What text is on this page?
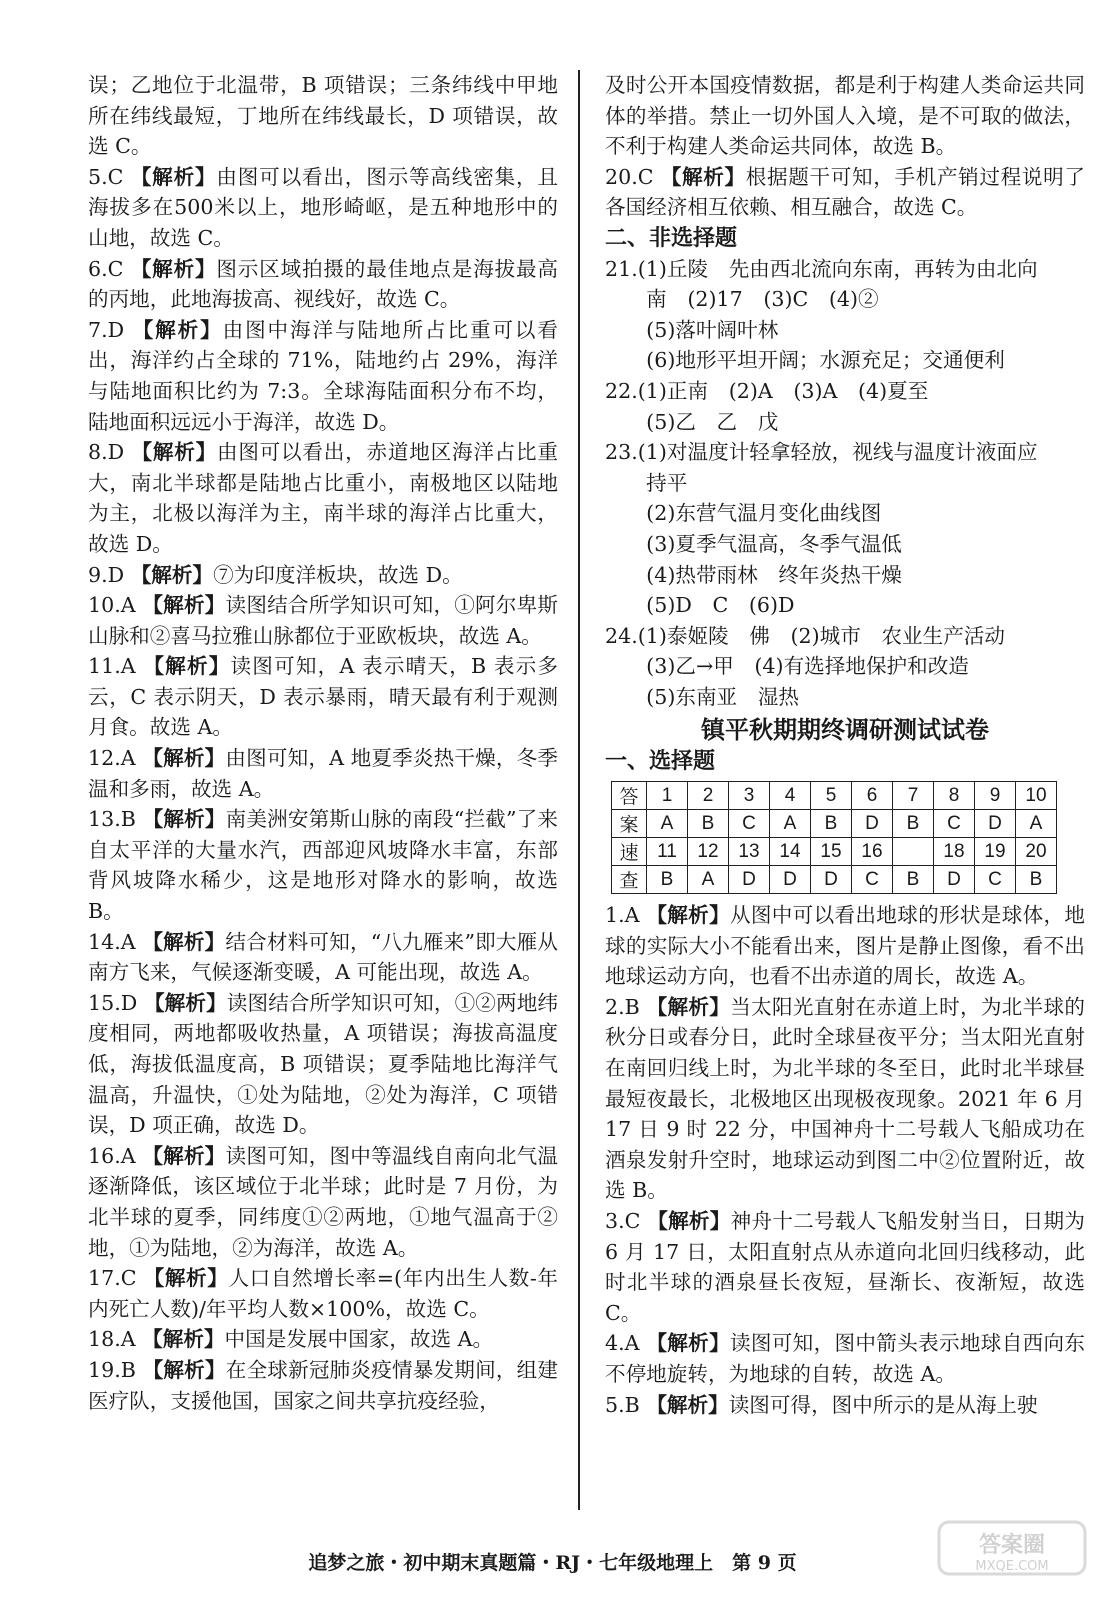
误；乙地位于北温带，B 项错误；三条纬线中甲地所在纬线最短，丁地所在纬线最长，D 项错误，故选 C。

5.C 【解析】由图可以看出，图示等高线密集，且海拔多在500米以上，地形崎岖，是五种地形中的山地，故选 C。

6.C 【解析】图示区域拍摄的最佳地点是海拔最高的丙地，此地海拔高、视线好，故选 C。

7.D 【解析】由图中海洋与陆地所占比重可以看出，海洋约占全球的 71%，陆地约占 29%，海洋与陆地面积比约为 7:3。全球海陆面积分布不均，陆地面积远远小于海洋，故选 D。

8.D 【解析】由图可以看出，赤道地区海洋占比重大，南北半球都是陆地占比重小，南极地区以陆地为主，北极以海洋为主，南半球的海洋占比重大，故选 D。

9.D 【解析】⑦为印度洋板块，故选 D。

10.A 【解析】读图结合所学知识可知，①阿尔卑斯山脉和②喜马拉雅山脉都位于亚欧板块，故选 A。

11.A 【解析】读图可知，A 表示晴天，B 表示多云，C 表示阴天，D 表示暴雨，晴天最有利于观测月食。故选 A。

12.A 【解析】由图可知，A 地夏季炎热干燥，冬季温和多雨，故选 A。

13.B 【解析】南美洲安第斯山脉的南段“拦截”了来自太平洋的大量水汽，西部迎风坡降水丰富，东部背风坡降水稀少，这是地形对降水的影响，故选 B。

14.A 【解析】结合材料可知，“八九雁来”即大雁从南方飞来，气候逐渐变暖，A 可能出现，故选 A。

15.D 【解析】读图结合所学知识可知，①②两地纬度相同，两地都吸收热量，A 项错误；海拔高温度低，海拔低温度高，B 项错误；夏季陆地比海洋气温高，升温快，①处为陆地，②处为海洋，C 项错误，D 项正确，故选 D。

16.A 【解析】读图可知，图中等温线自南向北气温逐渐降低，该区域位于北半球；此时是 7 月份，为北半球的夏季，同纬度①②两地，①地气温高于②地，①为陆地，②为海洋，故选 A。

17.C 【解析】人口自然增长率=(年内出生人数-年内死亡人数)/年平均人数×100%，故选 C。

18.A 【解析】中国是发展中国家，故选 A。

19.B 【解析】在全球新冠肺炎疫情暴发期间，组建医疗队，支援他国，国家之间共享抗疫经验，

及时公开本国疫情数据，都是利于构建人类命运共同体的举措。禁止一切外国人入境，是不可取的做法，不利于构建人类命运共同体，故选 B。

20.C 【解析】根据题干可知，手机产销过程说明了各国经济相互依赖、相互融合，故选 C。

二、非选择题

21.(1)丘陵　先由西北流向东南，再转为由北向

　　南　(2)17　(3)C　(4)②

　　(5)落叶阔叶林

　　(6)地形平坦开阔；水源充足；交通便利

22.(1)正南　(2)A　(3)A　(4)夏至

　　(5)乙　乙　戊

23.(1)对温度计轻拿轻放，视线与温度计液面应

　　持平

　　(2)东营气温月变化曲线图

　　(3)夏季气温高，冬季气温低

　　(4)热带雨林　终年炎热干燥

　　(5)D　C　(6)D

24.(1)泰姬陵　佛　(2)城市　农业生产活动

　　(3)乙→甲　(4)有选择地保护和改造

　　(5)东南亚　湿热

镇平秋期期终调研测试试卷

一、选择题

答	1	2	3	4	5	6	7	8	9	10
案	A	B	C	A	B	D	B	C	D	A
速	11	12	13	14	15	16		18	19	20
查	B	A	D	D	D	C	B	D	C	B

1.A 【解析】从图中可以看出地球的形状是球体，地球的实际大小不能看出来，图片是静止图像，看不出地球运动方向，也看不出赤道的周长，故选 A。

2.B 【解析】当太阳光直射在赤道上时，为北半球的秋分日或春分日，此时全球昼夜平分；当太阳光直射在南回归线上时，为北半球的冬至日，此时北半球昼最短夜最长，北极地区出现极夜现象。2021 年 6 月 17 日 9 时 22 分，中国神舟十二号载人飞船成功在酒泉发射升空时，地球运动到图二中②位置附近，故选 B。

3.C 【解析】神舟十二号载人飞船发射当日，日期为 6 月 17 日，太阳直射点从赤道向北回归线移动，此时北半球的酒泉昼长夜短，昼渐长、夜渐短，故选 C。

4.A 【解析】读图可知，图中箭头表示地球自西向东不停地旋转，为地球的自转，故选 A。

5.B 【解析】读图可得，图中所示的是从海上驶

追梦之旅・初中期末真题篇・RJ・七年级地理上　第 9 页
答案圈
MXQE.COM
